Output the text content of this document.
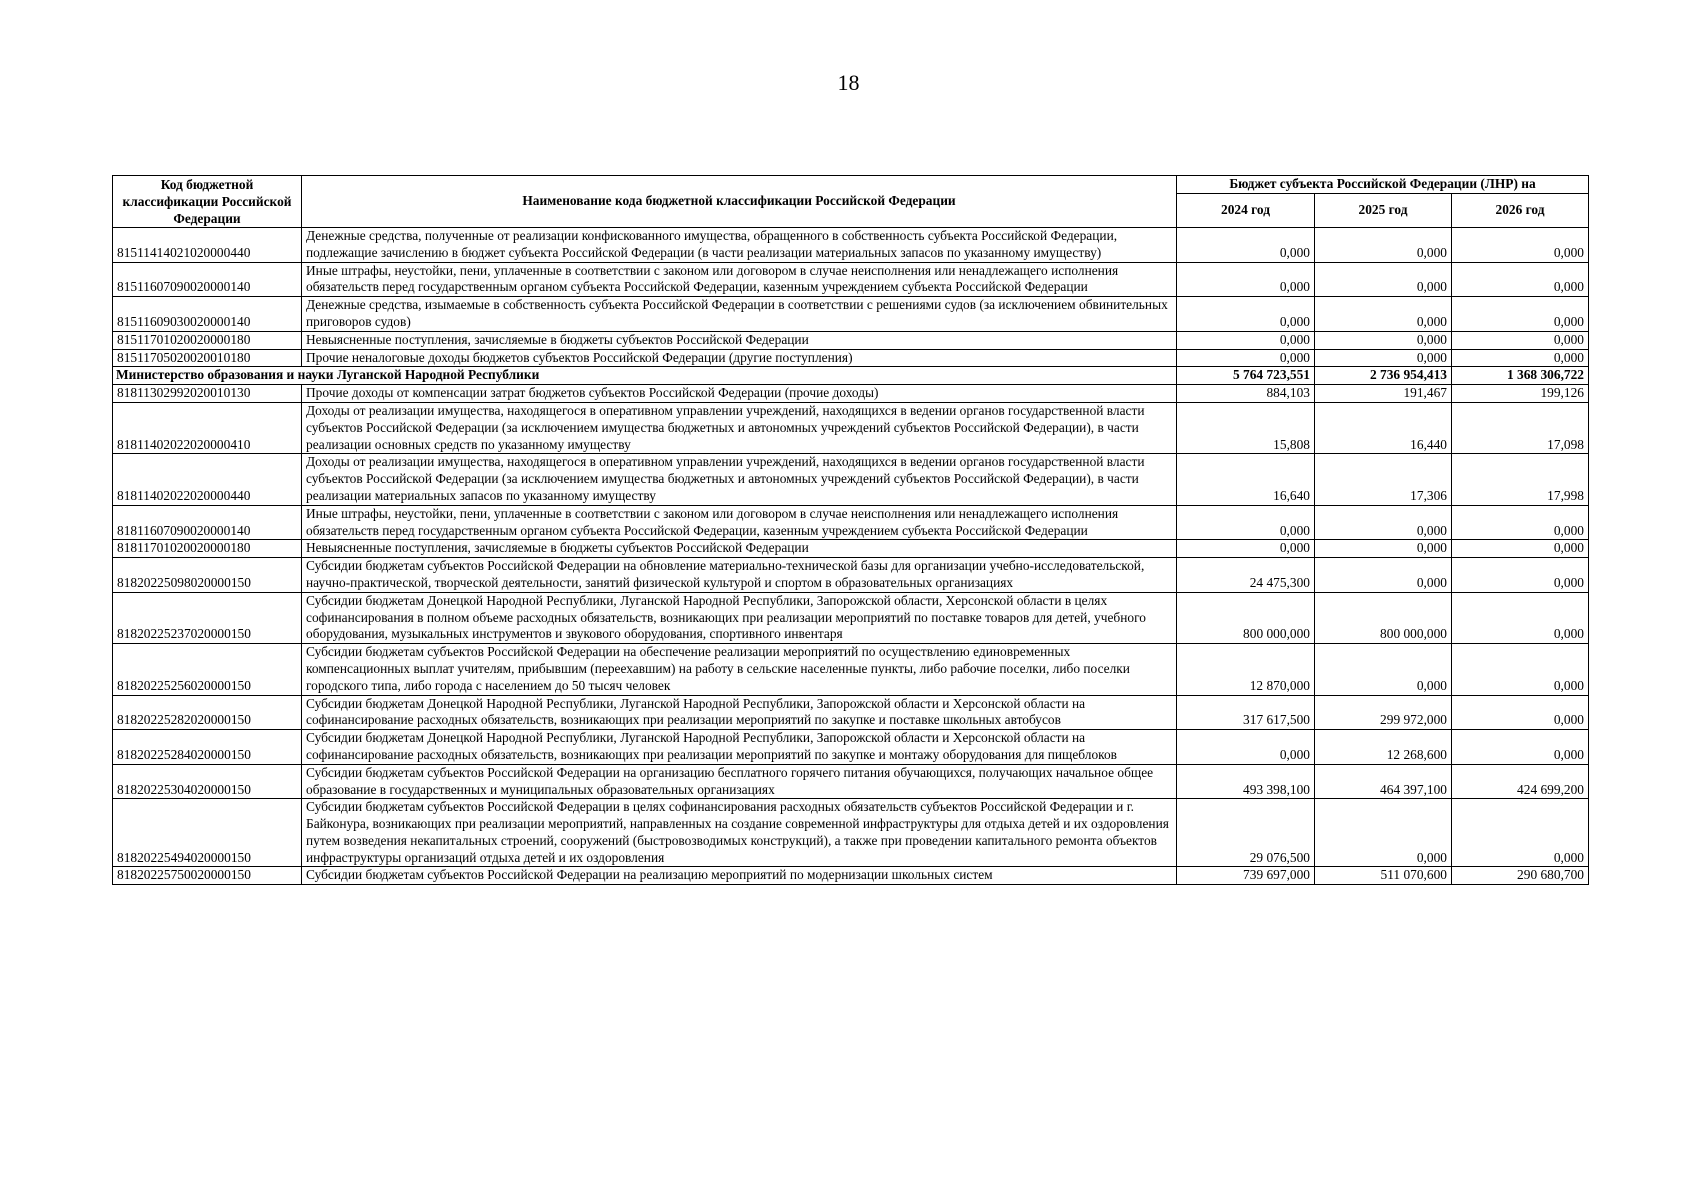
18
Код бюджетной классификации Российской Федерации	Наименование кода бюджетной классификации Российской Федерации	Бюджет субъекта Российской Федерации (ЛНР) на		
		2024 год	2025 год	2026 год
81511414021020000440	Денежные средства, полученные от реализации конфискованного имущества, обращенного в собственность субъекта Российской Федерации, подлежащие зачислению в бюджет субъекта Российской Федерации (в части реализации материальных запасов по указанному имуществу)	0,000	0,000	0,000
81511607090020000140	Иные штрафы, неустойки, пени, уплаченные в соответствии с законом или договором в случае неисполнения или ненадлежащего исполнения обязательств перед государственным органом субъекта Российской Федерации, казенным учреждением субъекта Российской Федерации	0,000	0,000	0,000
81511609030020000140	Денежные средства, изымаемые в собственность субъекта Российской Федерации в соответствии с решениями судов (за исключением обвинительных приговоров судов)	0,000	0,000	0,000
81511701020020000180	Невыясненные поступления, зачисляемые в бюджеты субъектов Российской Федерации	0,000	0,000	0,000
81511705020020010180	Прочие неналоговые доходы бюджетов субъектов Российской Федерации (другие поступления)	0,000	0,000	0,000
Министерство образования и науки Луганской Народной Республики		5 764 723,551	2 736 954,413	1 368 306,722
81811302992020010130	Прочие доходы от компенсации затрат бюджетов субъектов Российской Федерации (прочие доходы)	884,103	191,467	199,126
81811402022020000410	Доходы от реализации имущества, находящегося в оперативном управлении учреждений, находящихся в ведении органов государственной власти субъектов Российской Федерации (за исключением имущества бюджетных и автономных учреждений субъектов Российской Федерации), в части реализации основных средств по указанному имуществу	15,808	16,440	17,098
81811402022020000440	Доходы от реализации имущества, находящегося в оперативном управлении учреждений, находящихся в ведении органов государственной власти субъектов Российской Федерации (за исключением имущества бюджетных и автономных учреждений субъектов Российской Федерации), в части реализации материальных запасов по указанному имуществу	16,640	17,306	17,998
81811607090020000140	Иные штрафы, неустойки, пени, уплаченные в соответствии с законом или договором в случае неисполнения или ненадлежащего исполнения обязательств перед государственным органом субъекта Российской Федерации, казенным учреждением субъекта Российской Федерации	0,000	0,000	0,000
81811701020020000180	Невыясненные поступления, зачисляемые в бюджеты субъектов Российской Федерации	0,000	0,000	0,000
81820225098020000150	Субсидии бюджетам субъектов Российской Федерации на обновление материально-технической базы для организации учебно-исследовательской, научно-практической, творческой деятельности, занятий физической культурой и спортом в образовательных организациях	24 475,300	0,000	0,000
81820225237020000150	Субсидии бюджетам Донецкой Народной Республики, Луганской Народной Республики, Запорожской области, Херсонской области в целях софинансирования в полном объеме расходных обязательств, возникающих при реализации мероприятий по поставке товаров для детей, учебного оборудования, музыкальных инструментов и звукового оборудования, спортивного инвентаря	800 000,000	800 000,000	0,000
81820225256020000150	Субсидии бюджетам субъектов Российской Федерации на обеспечение реализации мероприятий по осуществлению единовременных компенсационных выплат учителям, прибывшим (переехавшим) на работу в сельские населенные пункты, либо рабочие поселки, либо поселки городского типа, либо города с населением до 50 тысяч человек	12 870,000	0,000	0,000
81820225282020000150	Субсидии бюджетам Донецкой Народной Республики, Луганской Народной Республики, Запорожской области и Херсонской области на софинансирование расходных обязательств, возникающих при реализации мероприятий по закупке и поставке школьных автобусов	317 617,500	299 972,000	0,000
81820225284020000150	Субсидии бюджетам Донецкой Народной Республики, Луганской Народной Республики, Запорожской области и Херсонской области на софинансирование расходных обязательств, возникающих при реализации мероприятий по закупке и монтажу оборудования для пищеблоков	0,000	12 268,600	0,000
81820225304020000150	Субсидии бюджетам субъектов Российской Федерации на организацию бесплатного горячего питания обучающихся, получающих начальное общее образование в государственных и муниципальных образовательных организациях	493 398,100	464 397,100	424 699,200
81820225494020000150	Субсидии бюджетам субъектов Российской Федерации в целях софинансирования расходных обязательств субъектов Российской Федерации и г. Байконура, возникающих при реализации мероприятий, направленных на создание современной инфраструктуры для отдыха детей и их оздоровления путем возведения некапитальных строений, сооружений (быстровозводимых конструкций), а также при проведении капитального ремонта объектов инфраструктуры организаций отдыха детей и их оздоровления	29 076,500	0,000	0,000
81820225750020000150	Субсидии бюджетам субъектов Российской Федерации на реализацию мероприятий по модернизации школьных систем	739 697,000	511 070,600	290 680,700
